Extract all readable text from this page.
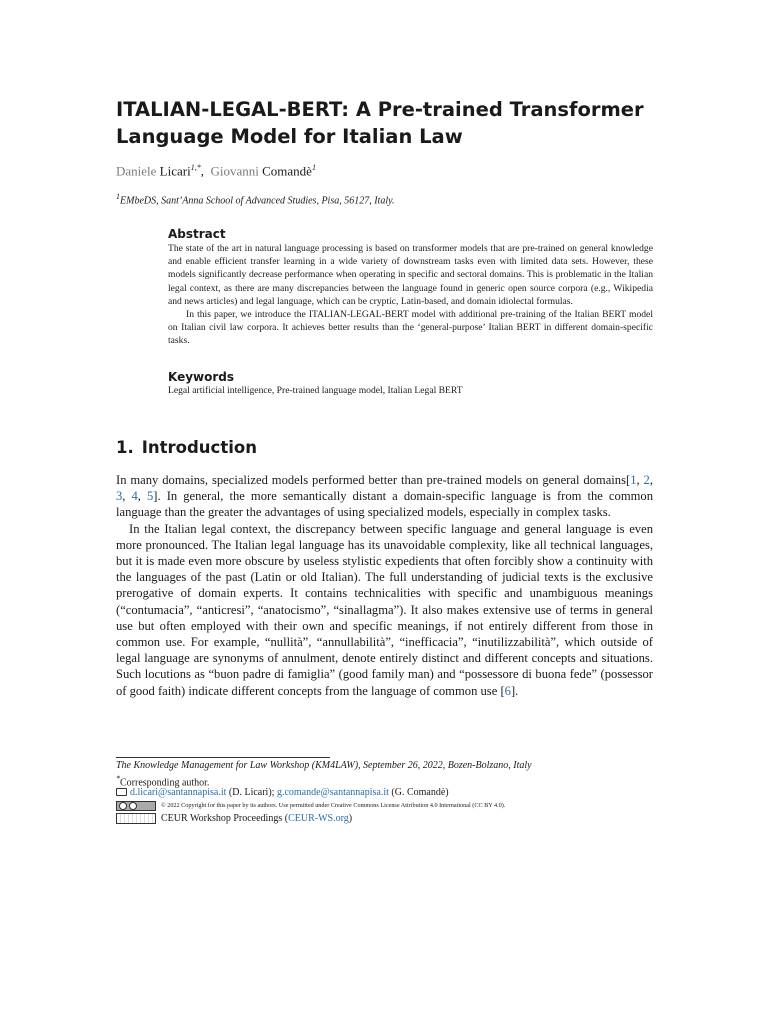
ITALIAN-LEGAL-BERT: A Pre-trained Transformer Language Model for Italian Law
Daniele Licari$^{1,*}$, Giovanni Comandè$^1$
$^1$EMbeDS, Sant’Anna School of Advanced Studies, Pisa, 56127, Italy.
Abstract

The state of the art in natural language processing is based on transformer models that are pre-trained on general knowledge and enable efficient transfer learning in a wide variety of downstream tasks even with limited data sets. However, these models significantly decrease performance when operating in specific and sectoral domains. This is problematic in the Italian legal context, as there are many discrepancies between the language found in generic open source corpora (e.g., Wikipedia and news articles) and legal language, which can be cryptic, Latin-based, and domain idiolectal formulas.

In this paper, we introduce the ITALIAN-LEGAL-BERT model with additional pre-training of the Italian BERT model on Italian civil law corpora. It achieves better results than the ‘general-purpose’ Italian BERT in different domain-specific tasks.

Keywords
Legal artificial intelligence, Pre-trained language model, Italian Legal BERT
1. Introduction

In many domains, specialized models performed better than pre-trained models on general domains[1, 2, 3, 4, 5]. In general, the more semantically distant a domain-specific language is from the common language than the greater the advantages of using specialized models, especially in complex tasks.

In the Italian legal context, the discrepancy between specific language and general language is even more pronounced. The Italian legal language has its unavoidable complexity, like all technical languages, but it is made even more obscure by useless stylistic expedients that often forcibly show a continuity with the languages of the past (Latin or old Italian). The full understanding of judicial texts is the exclusive prerogative of domain experts. It contains technicalities with specific and unambiguous meanings (“contumacia”, “anticresi”, “anatocismo”, “sinallagma”). It also makes extensive use of terms in general use but often employed with their own and specific meanings, if not entirely different from those in common use. For example, “nullità”, “annullabilità”, “inefficacia”, “inutilizzabilità”, which outside of legal language are synonyms of annulment, denote entirely distinct and different concepts and situations. Such locutions as “buon padre di famiglia” (good family man) and “possessore di buona fede” (possessor of good faith) indicate different concepts from the language of common use [6].

The Knowledge Management for Law Workshop (KM4LAW), September 26, 2022, Bozen-Bolzano, Italy
*Corresponding author.
d.licari@santannapisa.it (D. Licari); g.comande@santannapisa.it (G. Comandè)
© 2022 Copyright for this paper by its authors. Use permitted under Creative Commons License Attribution 4.0 International (CC BY 4.0).
CEUR Workshop Proceedings (CEUR-WS.org)
